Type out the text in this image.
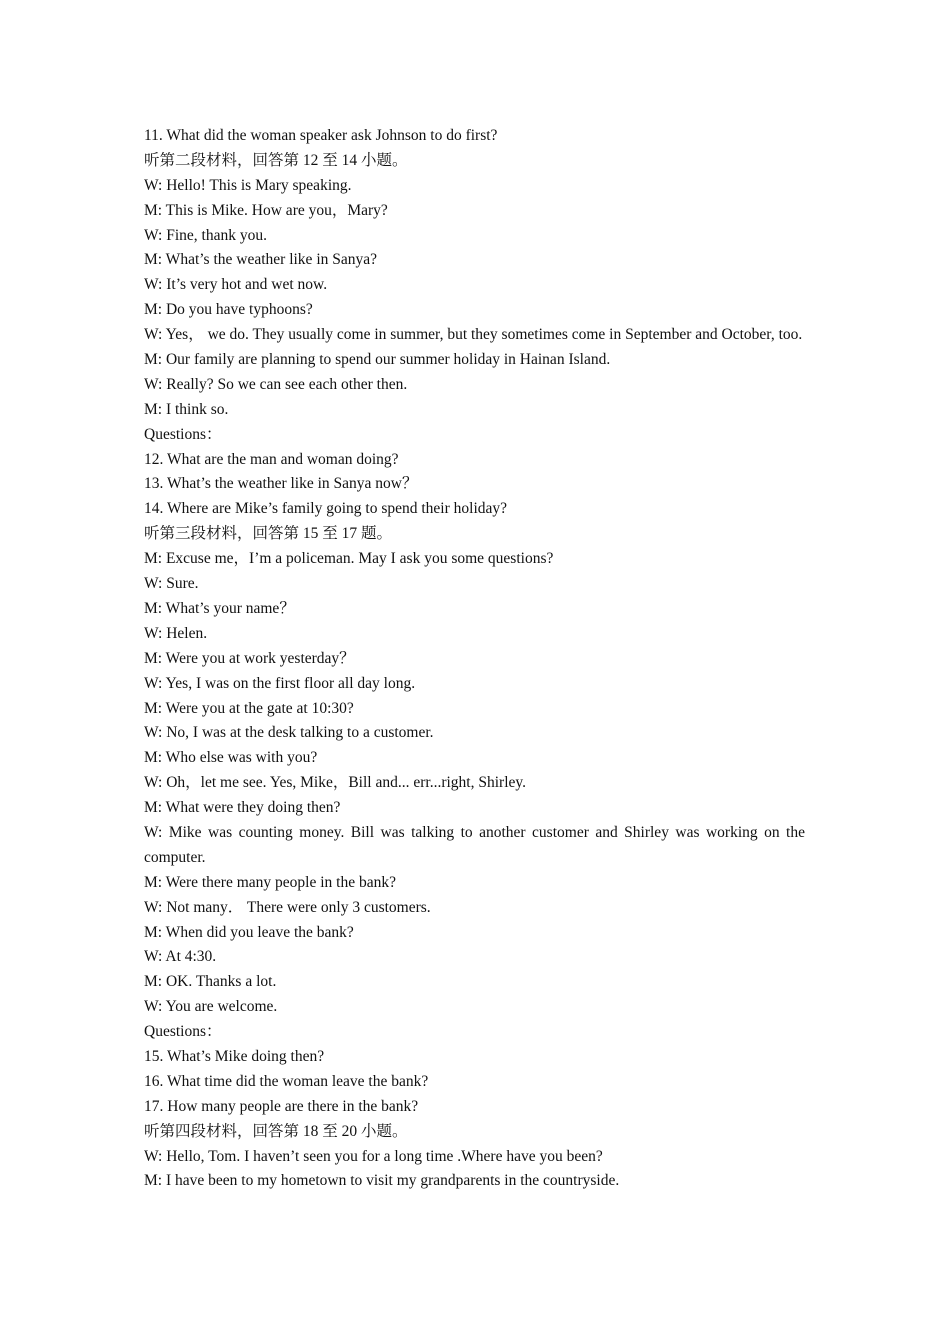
11. What did the woman speaker ask Johnson to do first?
听第二段材料，回答第 12 至 14 小题。
W: Hello! This is Mary speaking.
M: This is Mike. How are you，Mary?
W: Fine, thank you.
M: What’s the weather like in Sanya?
W: It’s very hot and wet now.
M: Do you have typhoons?
W: Yes， we do. They usually come in summer, but they sometimes come in September and October, too.
M: Our family are planning to spend our summer holiday in Hainan Island.
W: Really? So we can see each other then.
M: I think so.
Questions：
12. What are the man and woman doing?
13. What’s the weather like in Sanya now？
14. Where are Mike’s family going to spend their holiday?
听第三段材料，回答第 15 至 17 题。
M: Excuse me，I’m a policeman. May I ask you some questions?
W: Sure.
M: What’s your name？
W: Helen.
M: Were you at work yesterday？
W: Yes, I was on the first floor all day long.
M: Were you at the gate at 10:30?
W: No, I was at the desk talking to a customer.
M: Who else was with you?
W: Oh，let me see. Yes, Mike，Bill and... err...right, Shirley.
M: What were they doing then?
W: Mike was counting money. Bill was talking to another customer and Shirley was working on the computer.
M: Were there many people in the bank?
W: Not many． There were only 3 customers.
M: When did you leave the bank?
W: At 4:30.
M: OK. Thanks a lot.
W: You are welcome.
Questions：
15. What’s Mike doing then?
16. What time did the woman leave the bank?
17. How many people are there in the bank?
听第四段材料，回答第 18 至 20 小题。
W: Hello, Tom. I haven’t seen you for a long time .Where have you been?
M: I have been to my hometown to visit my grandparents in the countryside.
